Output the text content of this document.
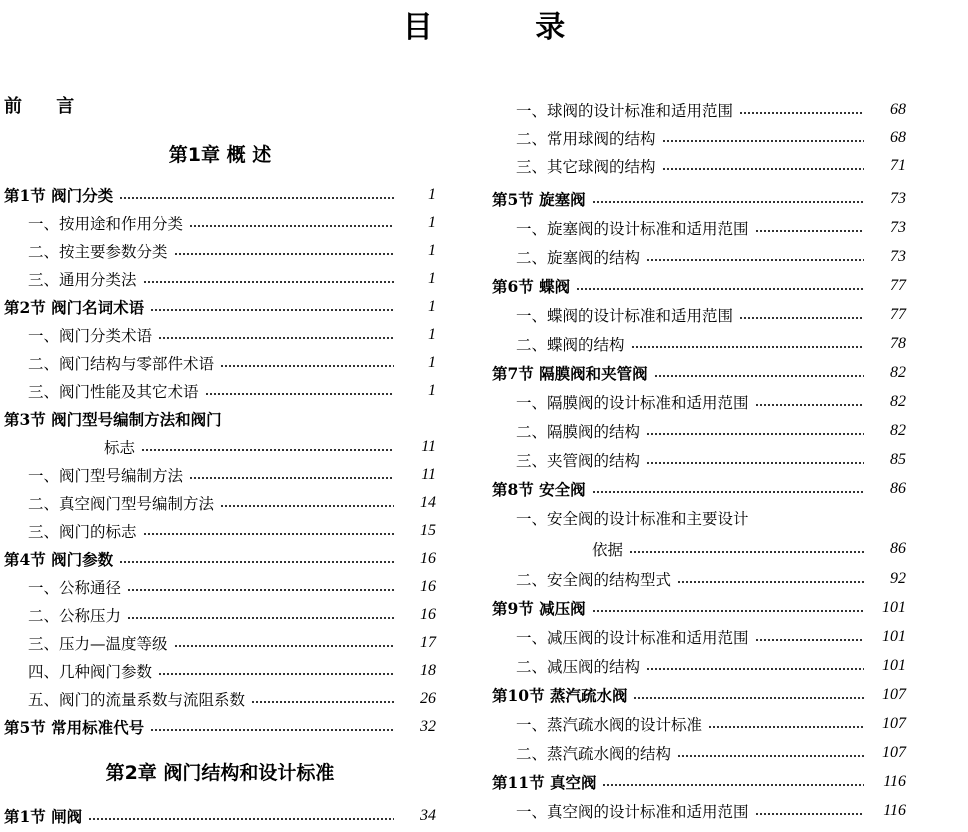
目 录
前 言
第1章 概 述
第1节 阀门分类	1
一、按用途和作用分类	1
二、按主要参数分类	1
三、通用分类法	1
第2节 阀门名词术语	1
一、阀门分类术语	1
二、阀门结构与零部件术语	1
三、阀门性能及其它术语	1
第3节 阀门型号编制方法和阀门
标志	11
一、阀门型号编制方法	11
二、真空阀门型号编制方法	14
三、阀门的标志	15
第4节 阀门参数	16
一、公称通径	16
二、公称压力	16
三、压力—温度等级	17
四、几种阀门参数	18
五、阀门的流量系数与流阻系数	26
第5节 常用标准代号	32
第2章 阀门结构和设计标准
第1节 闸阀	34
一、球阀的设计标准和适用范围	68
二、常用球阀的结构	68
三、其它球阀的结构	71
第5节 旋塞阀	73
一、旋塞阀的设计标准和适用范围	73
二、旋塞阀的结构	73
第6节 蝶阀	77
一、蝶阀的设计标准和适用范围	77
二、蝶阀的结构	78
第7节 隔膜阀和夹管阀	82
一、隔膜阀的设计标准和适用范围	82
二、隔膜阀的结构	82
三、夹管阀的结构	85
第8节 安全阀	86
一、安全阀的设计标准和主要设计
依据	86
二、安全阀的结构型式	92
第9节 减压阀	101
一、减压阀的设计标准和适用范围	101
二、减压阀的结构	101
第10节 蒸汽疏水阀	107
一、蒸汽疏水阀的设计标准	107
二、蒸汽疏水阀的结构	107
第11节 真空阀	116
一、真空阀的设计标准和适用范围	116
